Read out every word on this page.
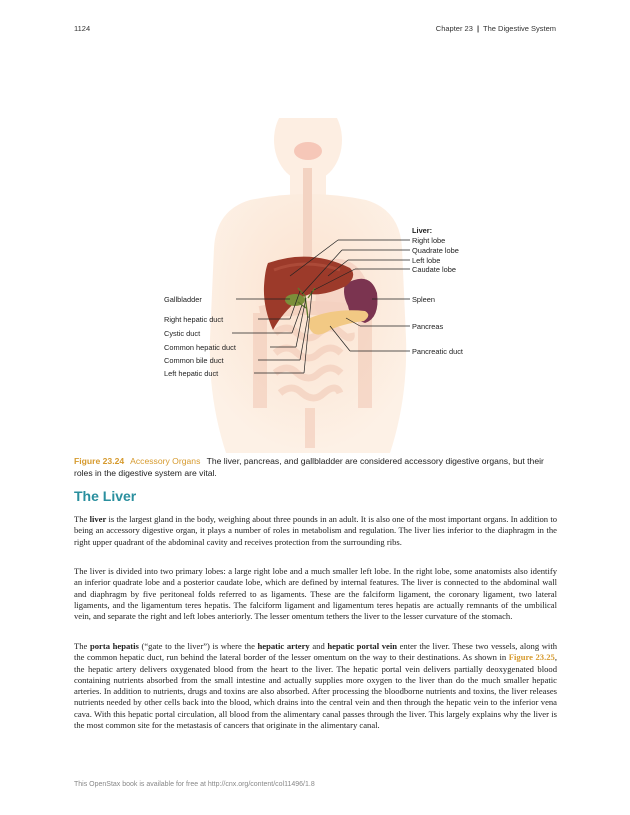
1124	Chapter 23 | The Digestive System
Liver:
Right lobe
Quadrate lobe
Left lobe
Caudate lobe
Spleen
Pancreas
Pancreatic duct
Gallbladder
Right hepatic duct
Cystic duct
Common hepatic duct
Common bile duct
Left hepatic duct
Figure 23.24 Accessory Organs The liver, pancreas, and gallbladder are considered accessory digestive organs, but their roles in the digestive system are vital.
The Liver

The liver is the largest gland in the body, weighing about three pounds in an adult. It is also one of the most important organs. In addition to being an accessory digestive organ, it plays a number of roles in metabolism and regulation. The liver lies inferior to the diaphragm in the right upper quadrant of the abdominal cavity and receives protection from the surrounding ribs.

The liver is divided into two primary lobes: a large right lobe and a much smaller left lobe. In the right lobe, some anatomists also identify an inferior quadrate lobe and a posterior caudate lobe, which are defined by internal features. The liver is connected to the abdominal wall and diaphragm by five peritoneal folds referred to as ligaments. These are the falciform ligament, the coronary ligament, two lateral ligaments, and the ligamentum teres hepatis. The falciform ligament and ligamentum teres hepatis are actually remnants of the umbilical vein, and separate the right and left lobes anteriorly. The lesser omentum tethers the liver to the lesser curvature of the stomach.

The porta hepatis (“gate to the liver”) is where the hepatic artery and hepatic portal vein enter the liver. These two vessels, along with the common hepatic duct, run behind the lateral border of the lesser omentum on the way to their destinations. As shown in Figure 23.25, the hepatic artery delivers oxygenated blood from the heart to the liver. The hepatic portal vein delivers partially deoxygenated blood containing nutrients absorbed from the small intestine and actually supplies more oxygen to the liver than do the much smaller hepatic arteries. In addition to nutrients, drugs and toxins are also absorbed. After processing the bloodborne nutrients and toxins, the liver releases nutrients needed by other cells back into the blood, which drains into the central vein and then through the hepatic vein to the inferior vena cava. With this hepatic portal circulation, all blood from the alimentary canal passes through the liver. This largely explains why the liver is the most common site for the metastasis of cancers that originate in the alimentary canal.

This OpenStax book is available for free at http://cnx.org/content/col11496/1.8
